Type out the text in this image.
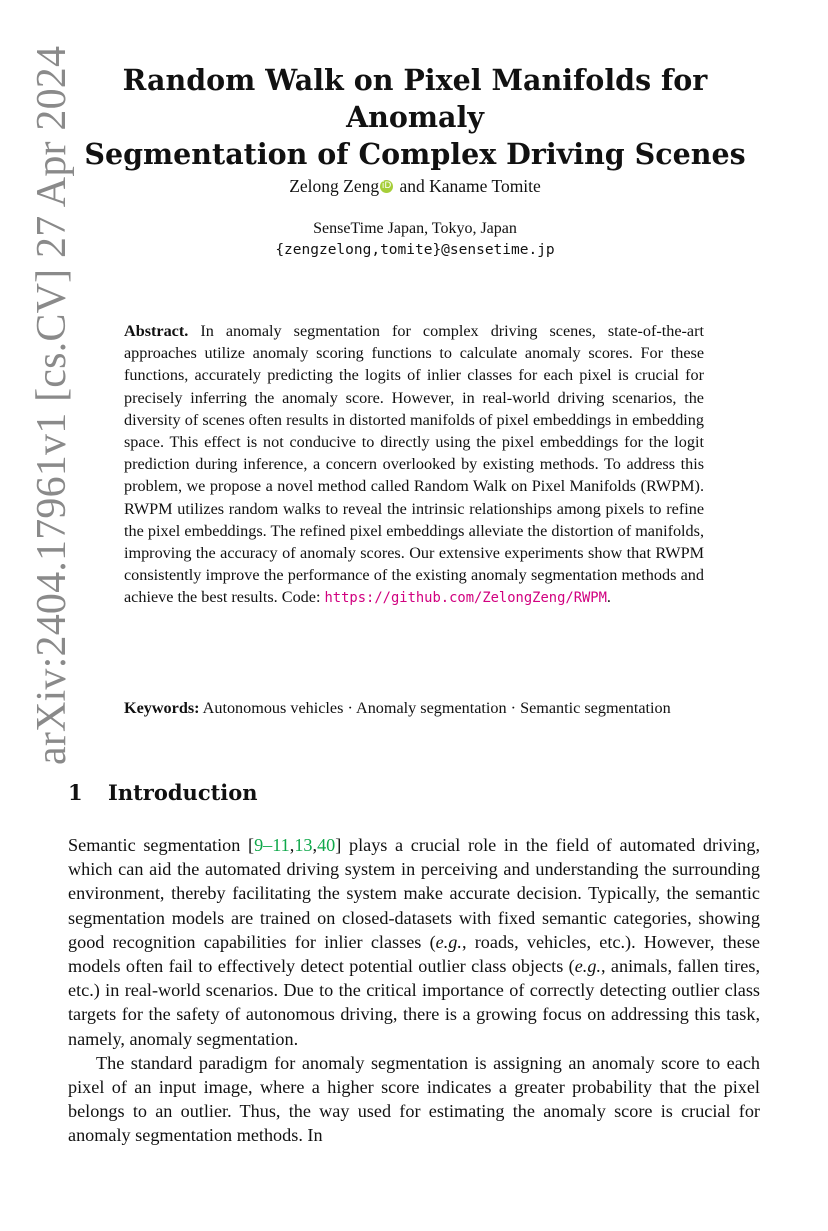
arXiv:2404.17961v1 [cs.CV] 27 Apr 2024	Random Walk on Pixel Manifolds for Anomaly
Segmentation of Complex Driving Scenes
Zelong Zeng iD and Kaname Tomite
SenseTime Japan, Tokyo, Japan
{zengzelong,tomite}@sensetime.jp
Abstract. In anomaly segmentation for complex driving scenes, state-of-the-art approaches utilize anomaly scoring functions to calculate anomaly scores. For these functions, accurately predicting the logits of inlier classes for each pixel is crucial for precisely inferring the anomaly score. However, in real-world driving scenarios, the diversity of scenes often results in distorted manifolds of pixel embeddings in embedding space. This effect is not conducive to directly using the pixel embeddings for the logit prediction during inference, a concern overlooked by existing methods. To address this problem, we propose a novel method called Random Walk on Pixel Manifolds (RWPM). RWPM utilizes random walks to reveal the intrinsic relationships among pixels to refine the pixel embeddings. The refined pixel embeddings alleviate the distortion of manifolds, improving the accuracy of anomaly scores. Our extensive experiments show that RWPM consistently improve the performance of the existing anomaly segmentation methods and achieve the best results. Code: https://github.com/ZelongZeng/RWPM.
Keywords: Autonomous vehicles · Anomaly segmentation · Semantic segmentation
1 Introduction

Semantic segmentation [9–11,13,40] plays a crucial role in the field of automated driving, which can aid the automated driving system in perceiving and understanding the surrounding environment, thereby facilitating the system make accurate decision. Typically, the semantic segmentation models are trained on closed-datasets with fixed semantic categories, showing good recognition capabilities for inlier classes (e.g., roads, vehicles, etc.). However, these models often fail to effectively detect potential outlier class objects (e.g., animals, fallen tires, etc.) in real-world scenarios. Due to the critical importance of correctly detecting outlier class targets for the safety of autonomous driving, there is a growing focus on addressing this task, namely, anomaly segmentation.

The standard paradigm for anomaly segmentation is assigning an anomaly score to each pixel of an input image, where a higher score indicates a greater probability that the pixel belongs to an outlier. Thus, the way used for estimating the anomaly score is crucial for anomaly segmentation methods. In
